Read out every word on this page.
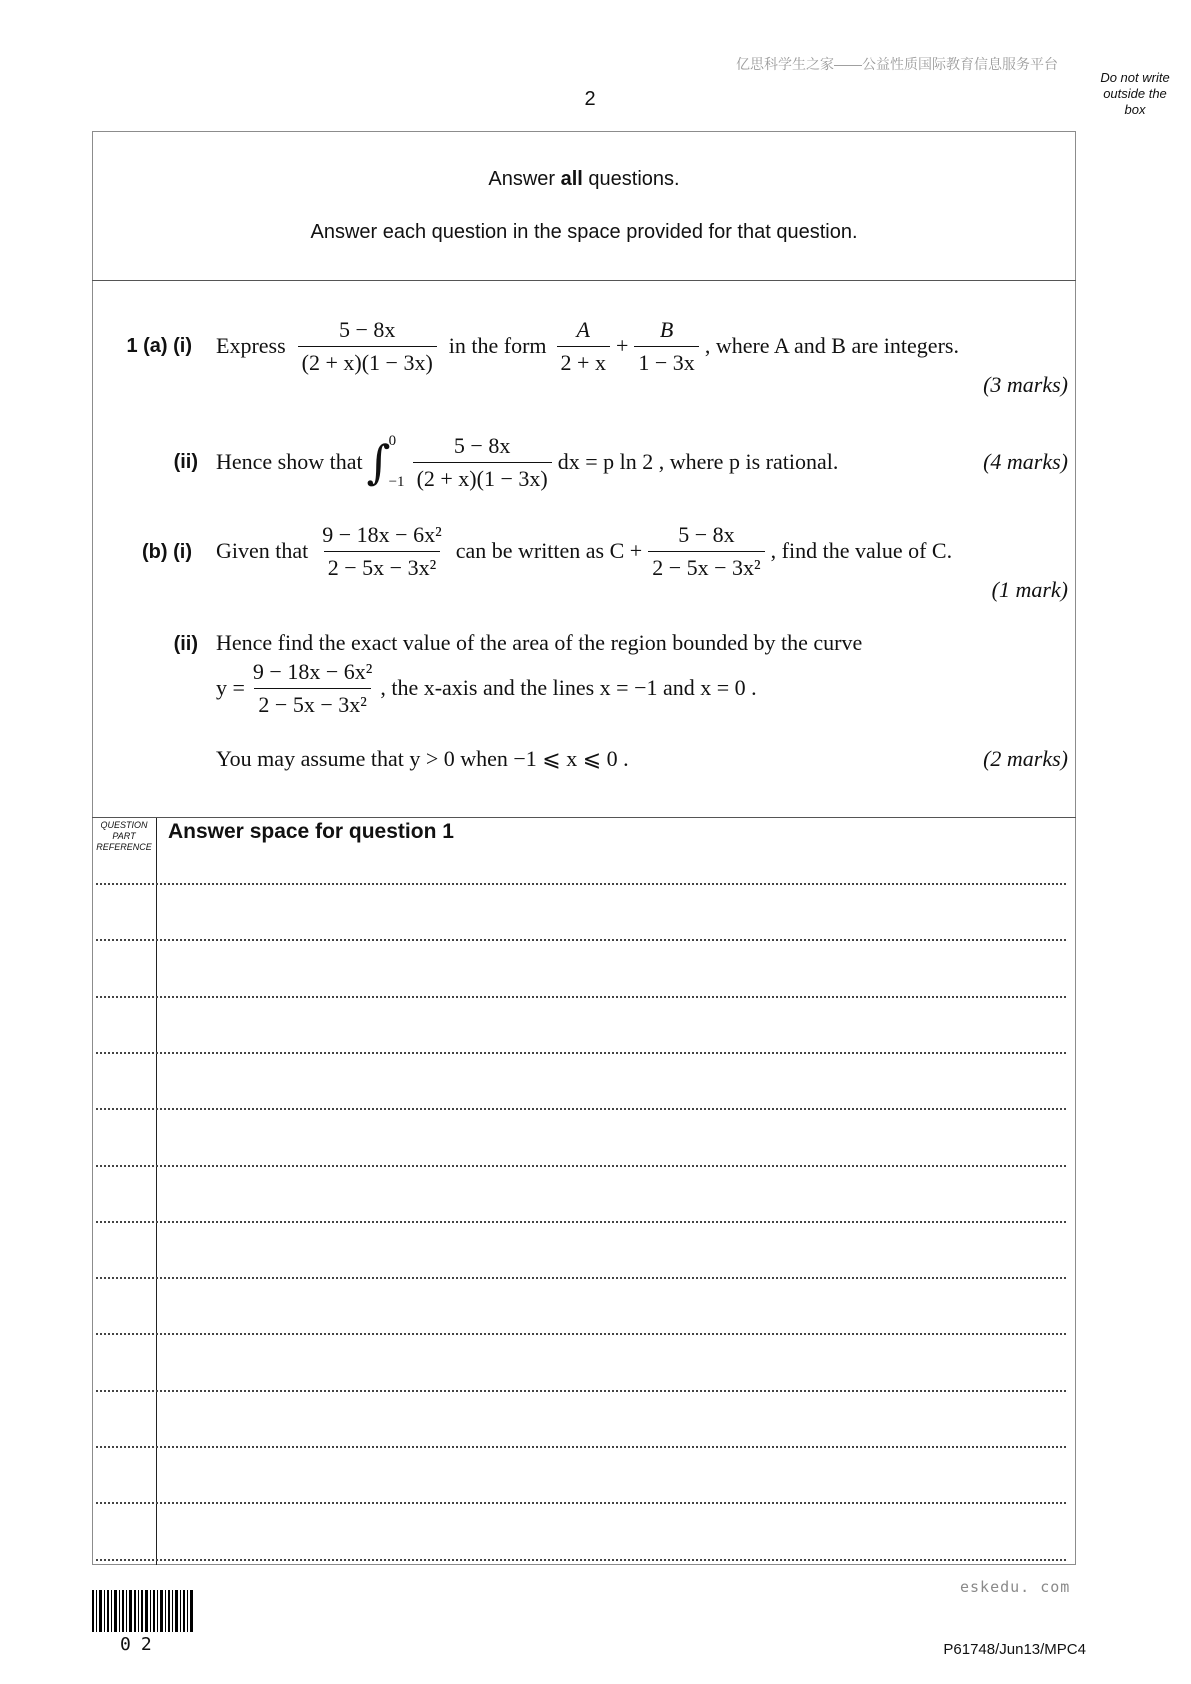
亿思科学生之家——公益性质国际教育信息服务平台
2
Do not write
outside the
box
Answer all questions.
Answer each question in the space provided for that question.
1 (a) (i) Express $\frac{5 - 8x}{(2 + x)(1 - 3x)}$ in the form $\frac{A}{2 + x} + \frac{B}{1 - 3x}$ , where A and B are integers.
(3 marks)
(ii) Hence show that ∫
0
$-1 \frac{5 - 8x}{(2 + x)(1 - 3x)}$ dx = p ln 2 , where p is rational.	(4 marks)
(b) (i) Given that $\frac{\text{9 − 18x − 6x²}}{\text{2 − 5x − 3x²}}$ can be written as $C + \frac{5 - 8x}{\text{2 − 5x − 3x²}}$ , find the value of C.
(1 mark)
(ii) Hence find the exact value of the area of the region bounded by the curve
$y = \frac{\text{9 − 18x − 6x²}}{\text{2 − 5x − 3x²}}$ , the x-axis and the lines x = −1 and x = 0 .
You may assume that y > 0 when −1 ⩽ x ⩽ 0 .	(2 marks)
QUESTION
PART
REFERENCE
Answer space for question 1
eskedu. com
02	P61748/Jun13/MPC4
